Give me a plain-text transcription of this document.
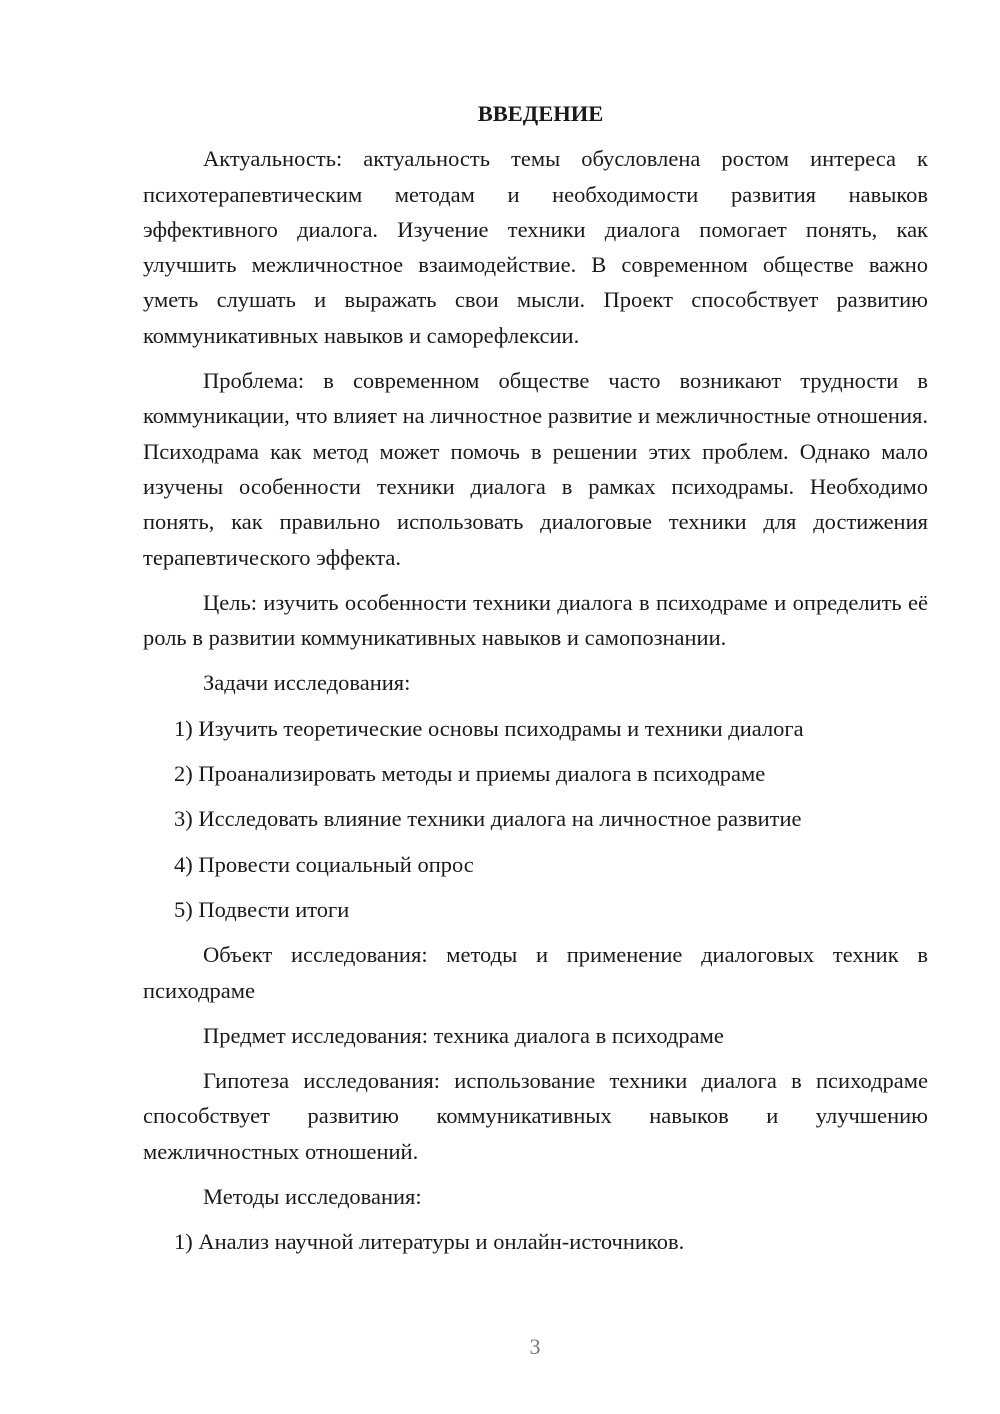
ВВЕДЕНИЕ

Актуальность: актуальность темы обусловлена ростом интереса к психотерапевтическим методам и необходимости развития навыков эффективного диалога. Изучение техники диалога помогает понять, как улучшить межличностное взаимодействие. В современном обществе важно уметь слушать и выражать свои мысли. Проект способствует развитию коммуникативных навыков и саморефлексии.

Проблема: в современном обществе часто возникают трудности в коммуникации, что влияет на личностное развитие и межличностные отношения. Психодрама как метод может помочь в решении этих проблем. Однако мало изучены особенности техники диалога в рамках психодрамы. Необходимо понять, как правильно использовать диалоговые техники для достижения терапевтического эффекта.

Цель: изучить особенности техники диалога в психодраме и определить её роль в развитии коммуникативных навыков и самопознании.

Задачи исследования:

1) Изучить теоретические основы психодрамы и техники диалога
2) Проанализировать методы и приемы диалога в психодраме
3) Исследовать влияние техники диалога на личностное развитие
4) Провести социальный опрос
5) Подвести итоги

Объект исследования: методы и применение диалоговых техник в психодраме

Предмет исследования: техника диалога в психодраме

Гипотеза исследования: использование техники диалога в психодраме способствует развитию коммуникативных навыков и улучшению межличностных отношений.

Методы исследования:

1) Анализ научной литературы и онлайн-источников.
3
